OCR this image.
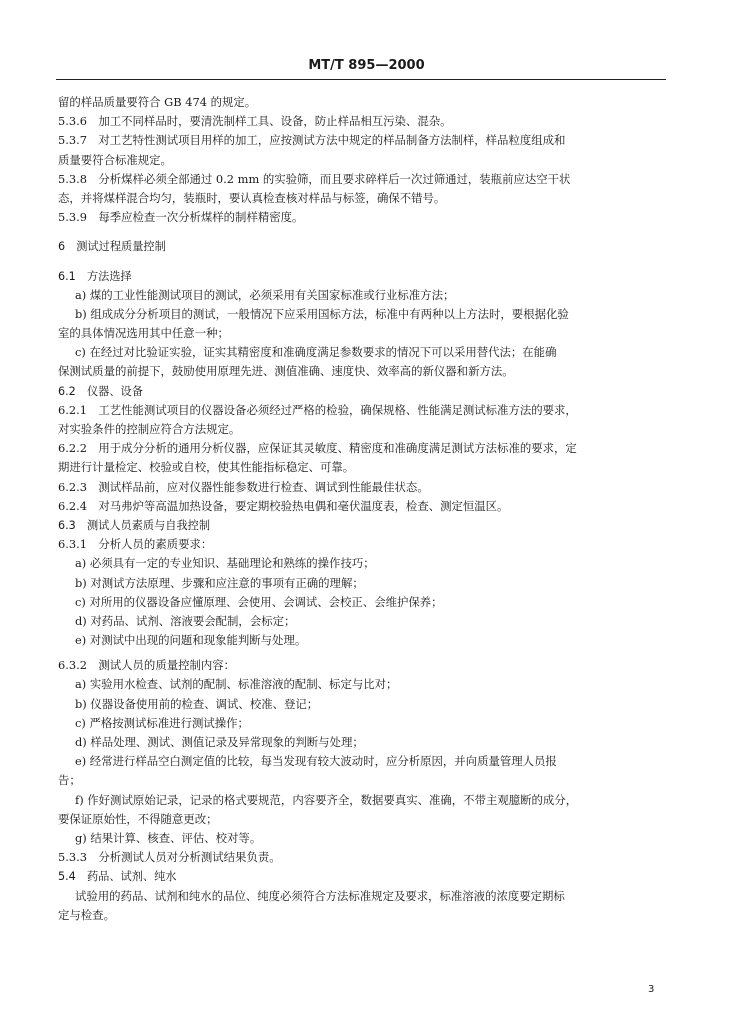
MT/T 895—2000
留的样品质量要符合 GB 474 的规定。
5.3.6　加工不同样品时，要清洗制样工具、设备，防止样品相互污染、混杂。
5.3.7　对工艺特性测试项目用样的加工，应按测试方法中规定的样品制备方法制样，样品粒度组成和
质量要符合标准规定。
5.3.8　分析煤样必须全部通过 0.2 mm 的实验筛，而且要求碎样后一次过筛通过，装瓶前应达空干状
态，并将煤样混合均匀，装瓶时，要认真检查核对样品与标签，确保不错号。
5.3.9　每季应检查一次分析煤样的制样精密度。
6　测试过程质量控制
6.1　方法选择
a) 煤的工业性能测试项目的测试，必须采用有关国家标准或行业标准方法；
b) 组成成分分析项目的测试，一般情况下应采用国标方法，标准中有两种以上方法时，要根据化验
室的具体情况选用其中任意一种；
c) 在经过对比验证实验，证实其精密度和准确度满足参数要求的情况下可以采用替代法；在能确
保测试质量的前提下，鼓励使用原理先进、测值准确、速度快、效率高的新仪器和新方法。
6.2　仪器、设备
6.2.1　工艺性能测试项目的仪器设备必须经过严格的检验，确保规格、性能满足测试标准方法的要求，
对实验条件的控制应符合方法规定。
6.2.2　用于成分分析的通用分析仪器，应保证其灵敏度、精密度和准确度满足测试方法标准的要求，定
期进行计量检定、校验或自校，使其性能指标稳定、可靠。
6.2.3　测试样品前，应对仪器性能参数进行检查、调试到性能最佳状态。
6.2.4　对马弗炉等高温加热设备，要定期校验热电偶和毫伏温度表，检查、测定恒温区。
6.3　测试人员素质与自我控制
6.3.1　分析人员的素质要求：
a) 必须具有一定的专业知识、基础理论和熟练的操作技巧；
b) 对测试方法原理、步骤和应注意的事项有正确的理解；
c) 对所用的仪器设备应懂原理、会使用、会调试、会校正、会维护保养；
d) 对药品、试剂、溶液要会配制，会标定；
e) 对测试中出现的问题和现象能判断与处理。
6.3.2　测试人员的质量控制内容：
a) 实验用水检查、试剂的配制、标准溶液的配制、标定与比对；
b) 仪器设备使用前的检查、调试、校准、登记；
c) 严格按测试标准进行测试操作；
d) 样品处理、测试、测值记录及异常现象的判断与处理；
e) 经常进行样品空白测定值的比较，每当发现有较大波动时，应分析原因，并向质量管理人员报
告；
f) 作好测试原始记录，记录的格式要规范，内容要齐全，数据要真实、准确，不带主观臆断的成分，
要保证原始性，不得随意更改；
g) 结果计算、核查、评估、校对等。
5.3.3　分析测试人员对分析测试结果负责。
5.4　药品、试剂、纯水
试验用的药品、试剂和纯水的品位、纯度必须符合方法标准规定及要求，标准溶液的浓度要定期标
定与检查。
3
